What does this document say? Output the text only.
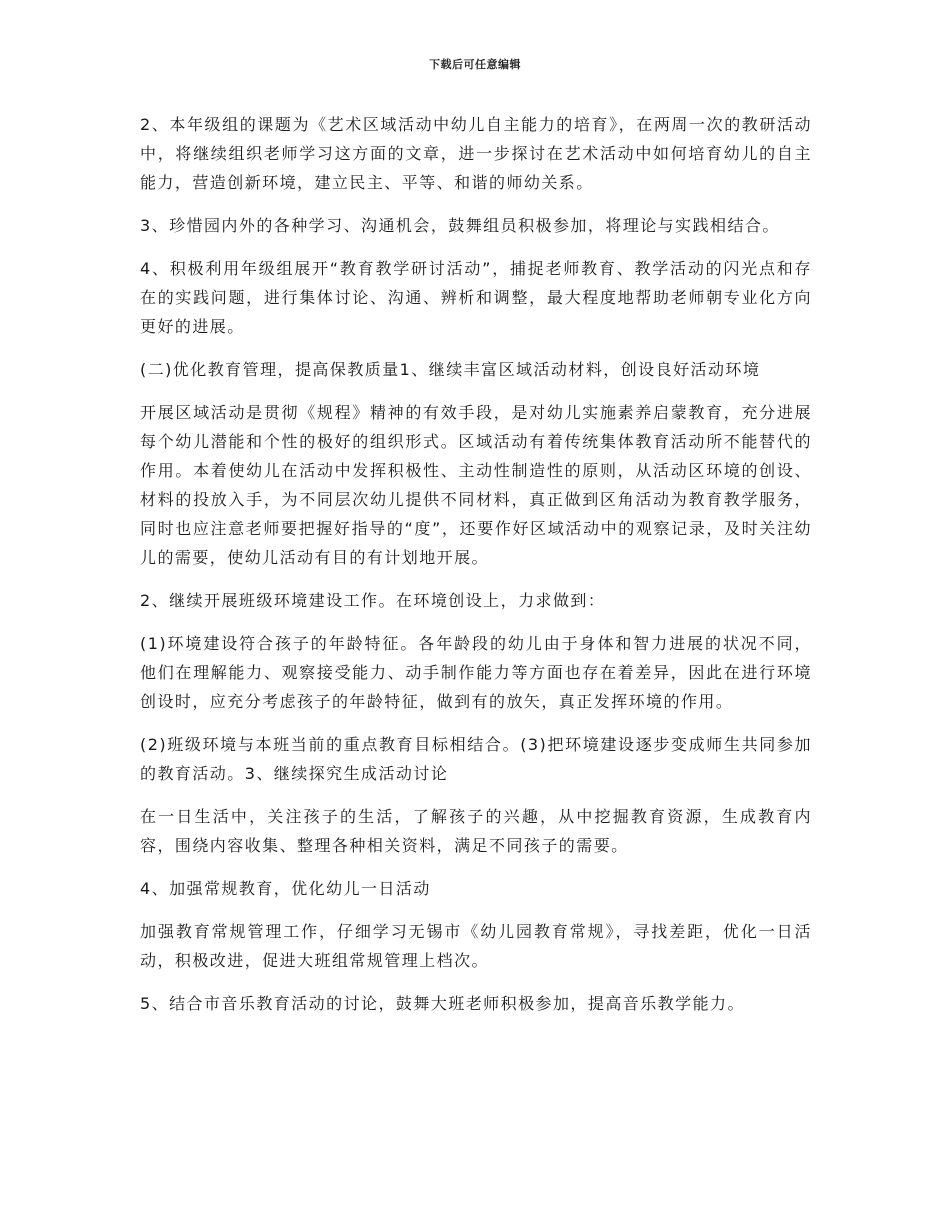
下载后可任意编辑

2、本年级组的课题为《艺术区域活动中幼儿自主能力的培育》，在两周一次的教研活动中，将继续组织老师学习这方面的文章，进一步探讨在艺术活动中如何培育幼儿的自主能力，营造创新环境，建立民主、平等、和谐的师幼关系。

3、珍惜园内外的各种学习、沟通机会，鼓舞组员积极参加，将理论与实践相结合。

4、积极利用年级组展开“教育教学研讨活动”，捕捉老师教育、教学活动的闪光点和存在的实践问题，进行集体讨论、沟通、辨析和调整，最大程度地帮助老师朝专业化方向更好的进展。

(二)优化教育管理，提高保教质量1、继续丰富区域活动材料，创设良好活动环境

开展区域活动是贯彻《规程》精神的有效手段，是对幼儿实施素养启蒙教育，充分进展每个幼儿潜能和个性的极好的组织形式。区域活动有着传统集体教育活动所不能替代的作用。本着使幼儿在活动中发挥积极性、主动性制造性的原则，从活动区环境的创设、材料的投放入手，为不同层次幼儿提供不同材料，真正做到区角活动为教育教学服务，同时也应注意老师要把握好指导的“度”，还要作好区域活动中的观察记录，及时关注幼儿的需要，使幼儿活动有目的有计划地开展。

2、继续开展班级环境建设工作。在环境创设上，力求做到：

(1)环境建设符合孩子的年龄特征。各年龄段的幼儿由于身体和智力进展的状况不同，他们在理解能力、观察接受能力、动手制作能力等方面也存在着差异，因此在进行环境创设时，应充分考虑孩子的年龄特征，做到有的放矢，真正发挥环境的作用。

(2)班级环境与本班当前的重点教育目标相结合。(3)把环境建设逐步变成师生共同参加的教育活动。3、继续探究生成活动讨论

在一日生活中，关注孩子的生活，了解孩子的兴趣，从中挖掘教育资源，生成教育内容，围绕内容收集、整理各种相关资料，满足不同孩子的需要。

4、加强常规教育，优化幼儿一日活动

加强教育常规管理工作，仔细学习无锡市《幼儿园教育常规》，寻找差距，优化一日活动，积极改进，促进大班组常规管理上档次。

5、结合市音乐教育活动的讨论，鼓舞大班老师积极参加，提高音乐教学能力。
